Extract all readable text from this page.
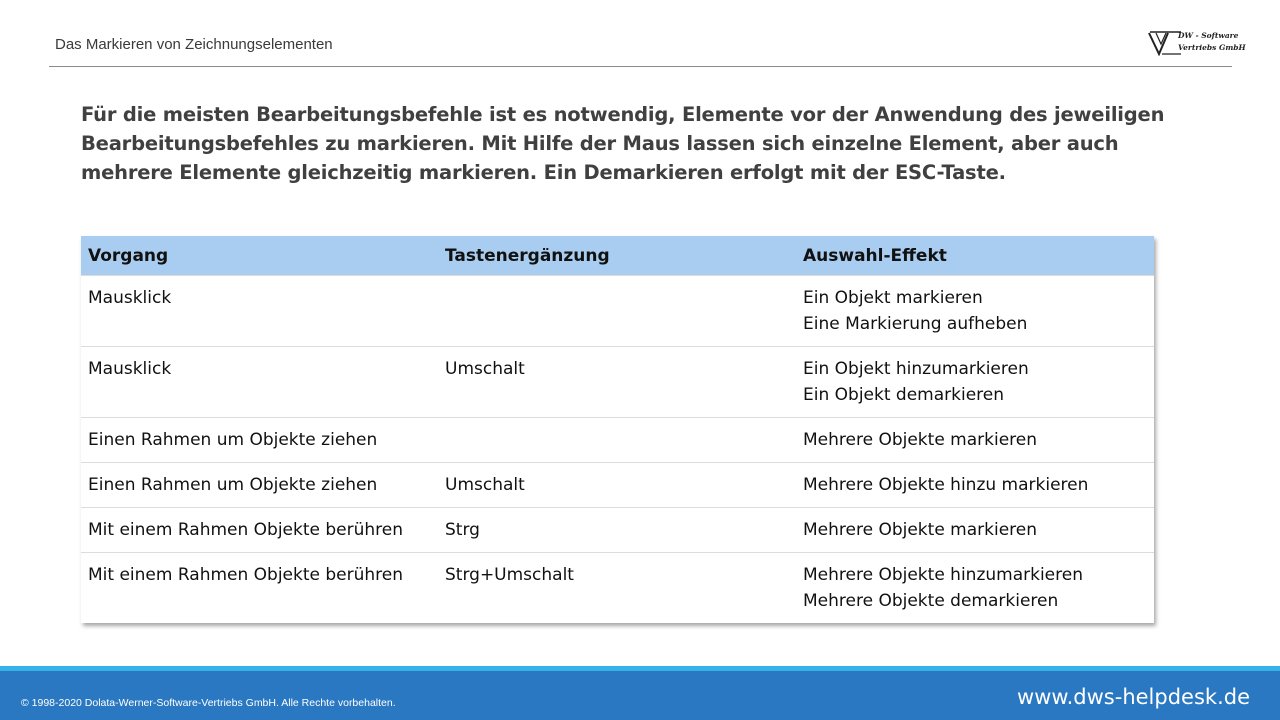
Das Markieren von Zeichnungselementen
DW - Software
Vertriebs GmbH

Für die meisten Bearbeitungsbefehle ist es notwendig, Elemente vor der Anwendung des jeweiligen Bearbeitungsbefehles zu markieren. Mit Hilfe der Maus lassen sich einzelne Element, aber auch mehrere Elemente gleichzeitig markieren. Ein Demarkieren erfolgt mit der ESC-Taste.

Vorgang	Tastenergänzung	Auswahl-Effekt
Mausklick		Ein Objekt markieren
Eine Markierung aufheben

Mausklick	Umschalt	Ein Objekt hinzumarkieren
Ein Objekt demarkieren

Einen Rahmen um Objekte ziehen		Mehrere Objekte markieren

Einen Rahmen um Objekte ziehen	Umschalt	Mehrere Objekte hinzu markieren

Mit einem Rahmen Objekte berühren	Strg	Mehrere Objekte markieren

Mit einem Rahmen Objekte berühren	Strg+Umschalt	Mehrere Objekte hinzumarkieren
Mehrere Objekte demarkieren
© 1998-2020 Dolata-Werner-Software-Vertriebs GmbH. Alle Rechte vorbehalten.	www.dws-helpdesk.de
